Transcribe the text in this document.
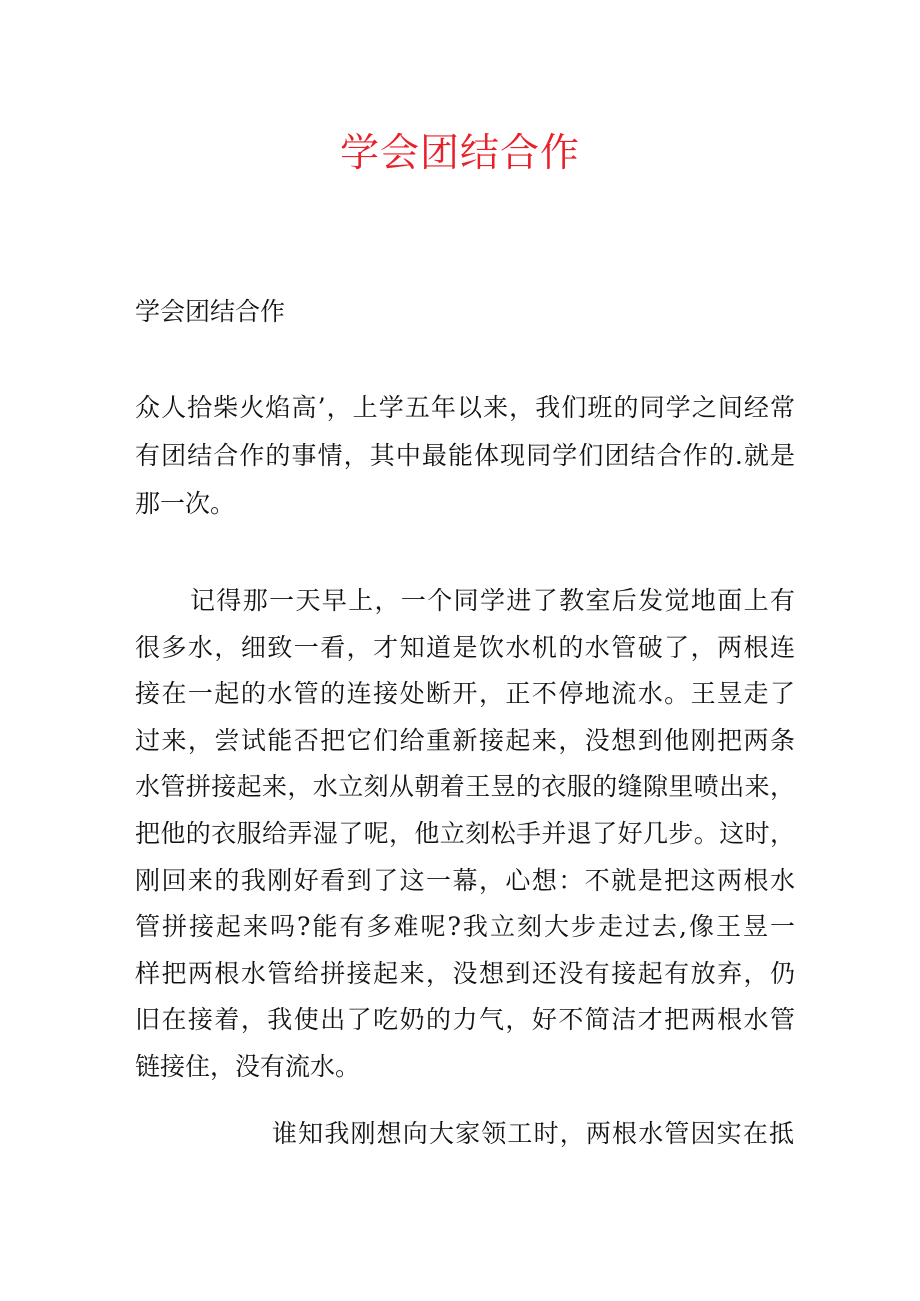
学会团结合作
学会团结合作
众人拾柴火焰高’，上学五年以来，我们班的同学之间经常
有团结合作的事情，其中最能体现同学们团结合作的.就是
那一次。
记得那一天早上，一个同学进了教室后发觉地面上有
很多水，细致一看，才知道是饮水机的水管破了，两根连
接在一起的水管的连接处断开，正不停地流水。王昱走了
过来，尝试能否把它们给重新接起来，没想到他刚把两条
水管拼接起来，水立刻从朝着王昱的衣服的缝隙里喷出来，
把他的衣服给弄湿了呢，他立刻松手并退了好几步。这时，
刚回来的我刚好看到了这一幕，心想：不就是把这两根水
管拼接起来吗?能有多难呢?我立刻大步走过去,像王昱一
样把两根水管给拼接起来，没想到还没有接起有放弃，仍
旧在接着，我使出了吃奶的力气，好不简洁才把两根水管
链接住，没有流水。
谁知我刚想向大家领工时，两根水管因实在抵
